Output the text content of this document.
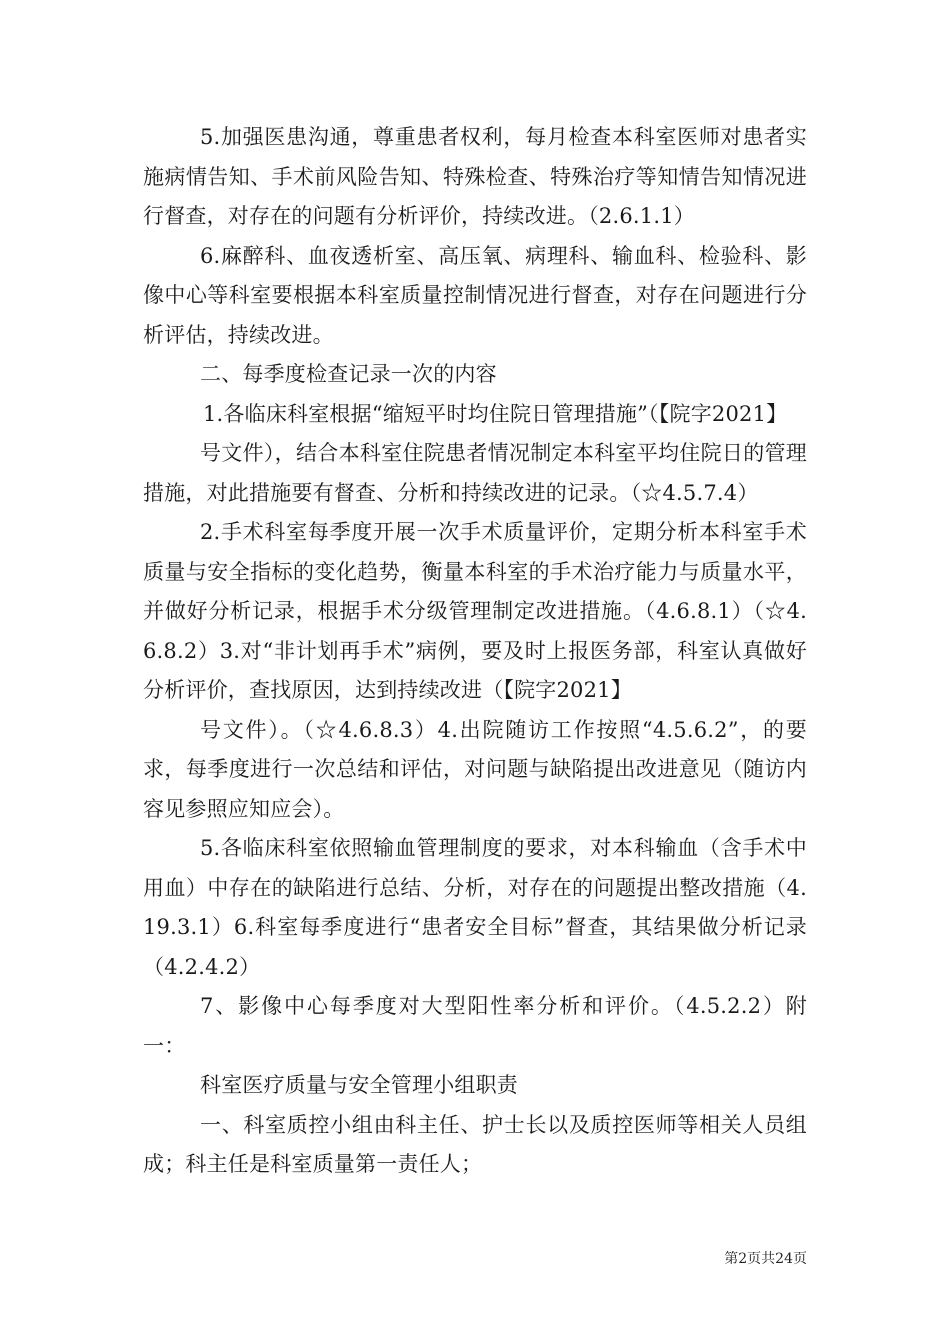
5.加强医患沟通，尊重患者权利，每月检查本科室医师对患者实施病情告知、手术前风险告知、特殊检查、特殊治疗等知情告知情况进行督查，对存在的问题有分析评价，持续改进。（2.6.1.1）

6.麻醉科、血夜透析室、高压氧、病理科、输血科、检验科、影像中心等科室要根据本科室质量控制情况进行督查，对存在问题进行分析评估，持续改进。

二、每季度检查记录一次的内容

1.各临床科室根据“缩短平时均住院日管理措施”（【院字2021】

号文件），结合本科室住院患者情况制定本科室平均住院日的管理措施，对此措施要有督查、分析和持续改进的记录。（☆4.5.7.4）

2.手术科室每季度开展一次手术质量评价，定期分析本科室手术质量与安全指标的变化趋势，衡量本科室的手术治疗能力与质量水平，并做好分析记录，根据手术分级管理制定改进措施。（4.6.8.1）（☆4.6.8.2）3.对“非计划再手术”病例，要及时上报医务部，科室认真做好分析评价，查找原因，达到持续改进（【院字2021】

号文件）。（☆4.6.8.3）4.出院随访工作按照“4.5.6.2”，的要求，每季度进行一次总结和评估，对问题与缺陷提出改进意见（随访内容见参照应知应会）。

5.各临床科室依照输血管理制度的要求，对本科输血（含手术中用血）中存在的缺陷进行总结、分析，对存在的问题提出整改措施（4.19.3.1）6.科室每季度进行“患者安全目标”督查，其结果做分析记录（4.2.4.2）

7、影像中心每季度对大型阳性率分析和评价。（4.5.2.2）附一：

科室医疗质量与安全管理小组职责

一、科室质控小组由科主任、护士长以及质控医师等相关人员组成；科主任是科室质量第一责任人；

第2页共24页
